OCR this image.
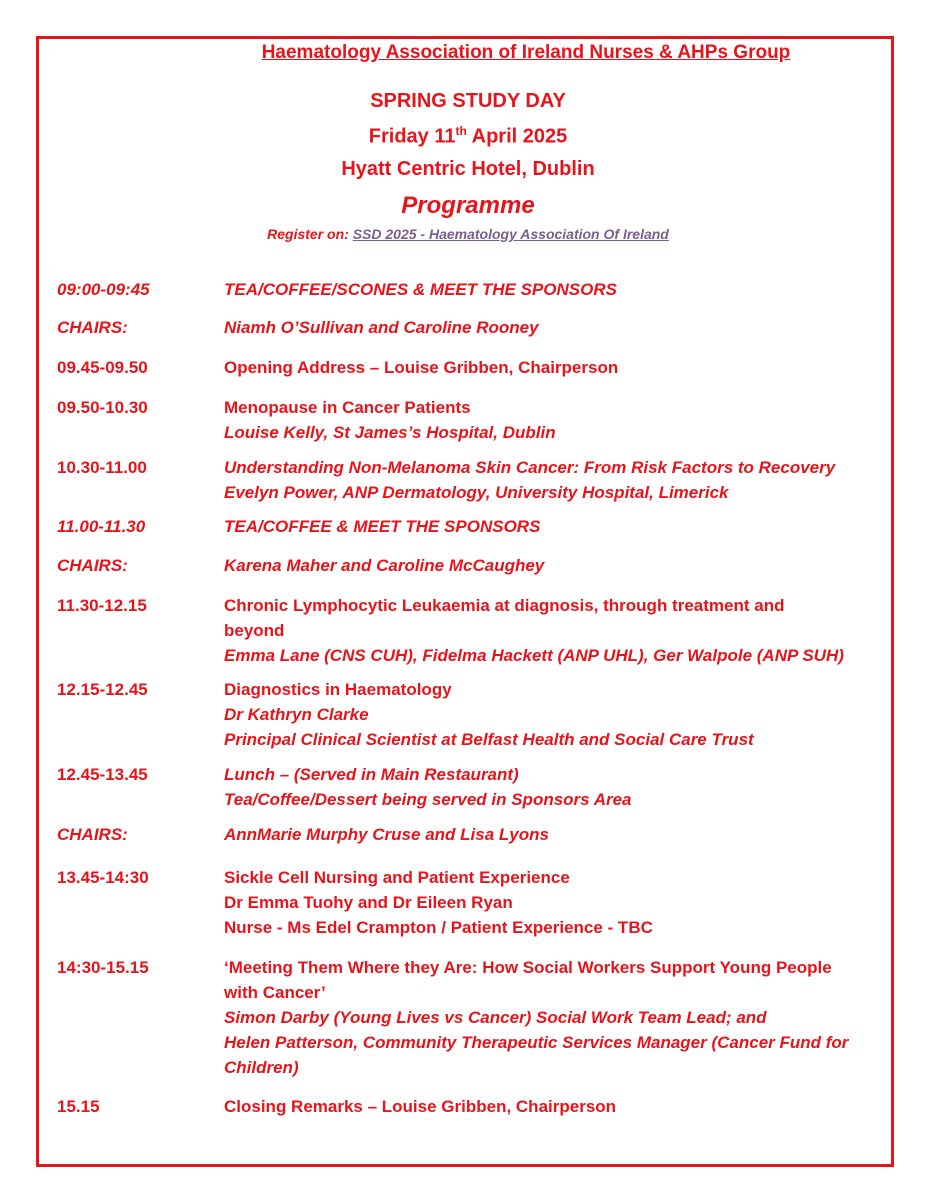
Haematology Association of Ireland Nurses & AHPs Group
SPRING STUDY DAY
Friday 11th April 2025
Hyatt Centric Hotel, Dublin
Programme
Register on: SSD 2025 - Haematology Association Of Ireland
09:00-09:45	TEA/COFFEE/SCONES & MEET THE SPONSORS
CHAIRS:	Niamh O’Sullivan and Caroline Rooney
09.45-09.50	Opening Address – Louise Gribben, Chairperson
09.50-10.30	Menopause in Cancer Patients
Louise Kelly, St James’s Hospital, Dublin
10.30-11.00	Understanding Non-Melanoma Skin Cancer: From Risk Factors to Recovery
Evelyn Power, ANP Dermatology, University Hospital, Limerick
11.00-11.30	TEA/COFFEE & MEET THE SPONSORS
CHAIRS:	Karena Maher and Caroline McCaughey
11.30-12.15	Chronic Lymphocytic Leukaemia at diagnosis, through treatment and
beyond
Emma Lane (CNS CUH), Fidelma Hackett (ANP UHL), Ger Walpole (ANP SUH)
12.15-12.45	Diagnostics in Haematology
Dr Kathryn Clarke
Principal Clinical Scientist at Belfast Health and Social Care Trust
12.45-13.45	Lunch – (Served in Main Restaurant)
Tea/Coffee/Dessert being served in Sponsors Area
CHAIRS:	AnnMarie Murphy Cruse and Lisa Lyons
13.45-14:30	Sickle Cell Nursing and Patient Experience
Dr Emma Tuohy and Dr Eileen Ryan
Nurse - Ms Edel Crampton / Patient Experience - TBC
14:30-15.15	‘Meeting Them Where they Are: How Social Workers Support Young People
with Cancer’
Simon Darby (Young Lives vs Cancer) Social Work Team Lead; and
Helen Patterson, Community Therapeutic Services Manager (Cancer Fund for
Children)
15.15	Closing Remarks – Louise Gribben, Chairperson
